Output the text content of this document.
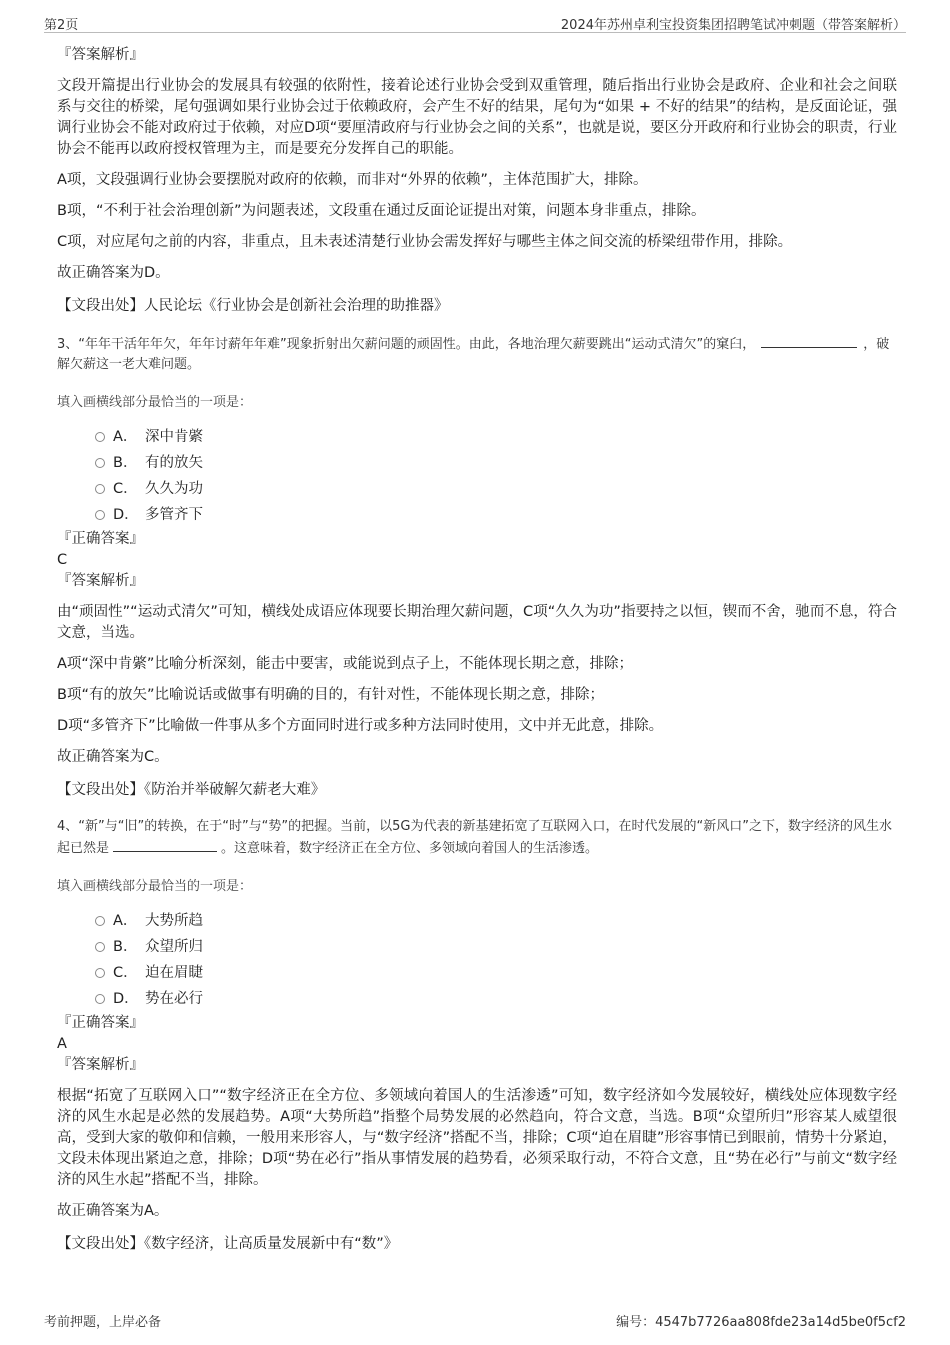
第2页	2024年苏州卓利宝投资集团招聘笔试冲刺题（带答案解析）

『答案解析』

文段开篇提出行业协会的发展具有较强的依附性，接着论述行业协会受到双重管理，随后指出行业协会是政府、企业和社会之间联系与交往的桥梁，尾句强调如果行业协会过于依赖政府，会产生不好的结果，尾句为“如果 + 不好的结果”的结构，是反面论证，强调行业协会不能对政府过于依赖，对应D项“要厘清政府与行业协会之间的关系”，也就是说，要区分开政府和行业协会的职责，行业协会不能再以政府授权管理为主，而是要充分发挥自己的职能。

A项，文段强调行业协会要摆脱对政府的依赖，而非对“外界的依赖”，主体范围扩大，排除。

B项，“不利于社会治理创新”为问题表述，文段重在通过反面论证提出对策，问题本身非重点，排除。

C项，对应尾句之前的内容，非重点，且未表述清楚行业协会需发挥好与哪些主体之间交流的桥梁纽带作用，排除。

故正确答案为D。

【文段出处】人民论坛《行业协会是创新社会治理的助推器》

3、“年年干活年年欠，年年讨薪年年难”现象折射出欠薪问题的顽固性。由此，各地治理欠薪要跳出“运动式清欠”的窠臼，	，破解欠薪这一老大难问题。

填入画横线部分最恰当的一项是：

A． 深中肯綮
B． 有的放矢
C． 久久为功
D． 多管齐下

『正确答案』

C

『答案解析』

由“顽固性”“运动式清欠”可知，横线处成语应体现要长期治理欠薪问题，C项“久久为功”指要持之以恒，锲而不舍，驰而不息，符合文意，当选。

A项“深中肯綮”比喻分析深刻，能击中要害，或能说到点子上，不能体现长期之意，排除；

B项“有的放矢”比喻说话或做事有明确的目的，有针对性，不能体现长期之意，排除；

D项“多管齐下”比喻做一件事从多个方面同时进行或多种方法同时使用，文中并无此意，排除。

故正确答案为C。

【文段出处】《防治并举破解欠薪老大难》

4、“新”与“旧”的转换，在于“时”与“势”的把握。当前，以5G为代表的新基建拓宽了互联网入口，在时代发展的“新风口”之下，数字经济的风生水起已然是	。这意味着，数字经济正在全方位、多领域向着国人的生活渗透。

填入画横线部分最恰当的一项是：

A． 大势所趋
B． 众望所归
C． 迫在眉睫
D． 势在必行

『正确答案』

A

『答案解析』

根据“拓宽了互联网入口”“数字经济正在全方位、多领域向着国人的生活渗透”可知，数字经济如今发展较好，横线处应体现数字经济的风生水起是必然的发展趋势。A项“大势所趋”指整个局势发展的必然趋向，符合文意，当选。B项“众望所归”形容某人威望很高，受到大家的敬仰和信赖，一般用来形容人，与“数字经济”搭配不当，排除；C项“迫在眉睫”形容事情已到眼前，情势十分紧迫，文段未体现出紧迫之意，排除；D项“势在必行”指从事情发展的趋势看，必须采取行动，不符合文意，且“势在必行”与前文“数字经济的风生水起”搭配不当，排除。

故正确答案为A。

【文段出处】《数字经济，让高质量发展新中有“数”》

考前押题，上岸必备	编号：4547b7726aa808fde23a14d5be0f5cf2
